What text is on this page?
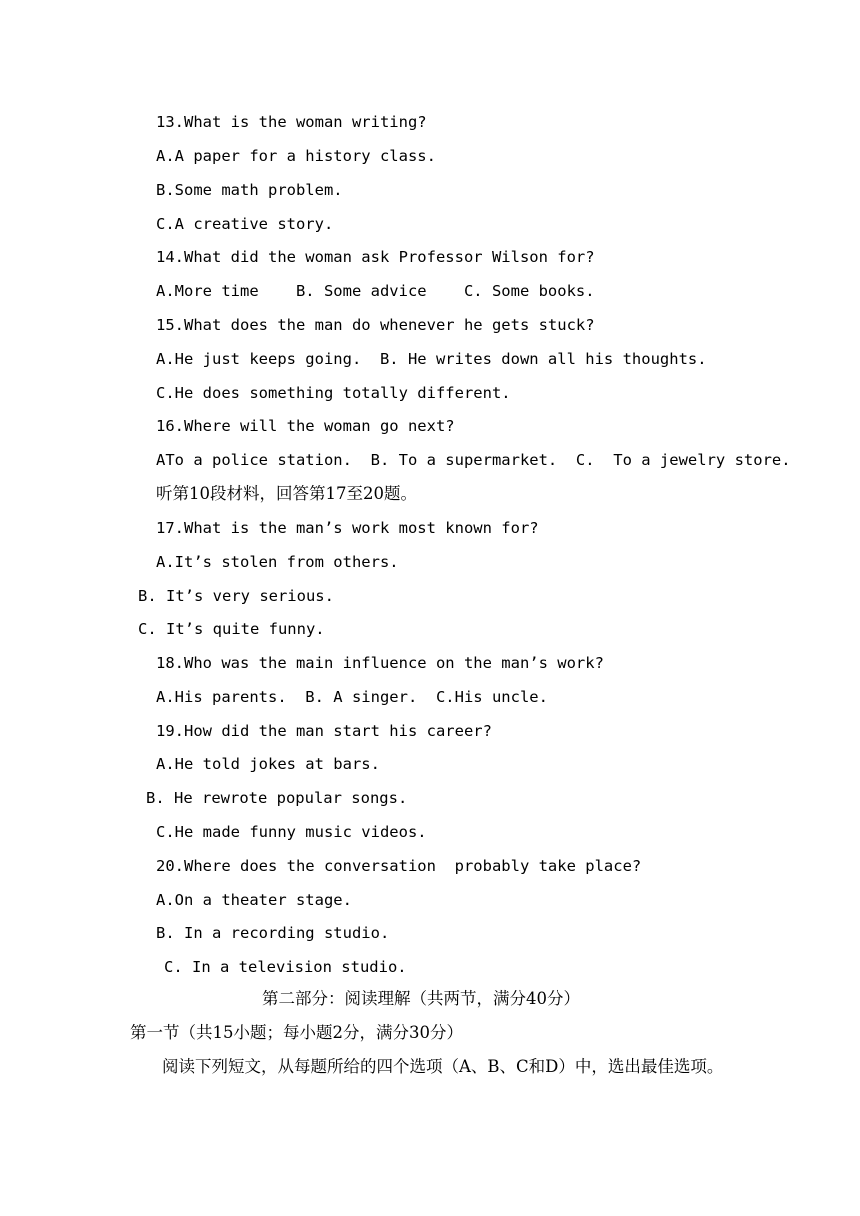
13.What is the woman writing?
A.A paper for a history class.
B.Some math problem.
C.A creative story.
14.What did the woman ask Professor Wilson for?
A.More time    B. Some advice    C. Some books.
15.What does the man do whenever he gets stuck?
A.He just keeps going.  B. He writes down all his thoughts.
C.He does something totally different.
16.Where will the woman go next?
ATo a police station.  B. To a supermarket.  C.  To a jewelry store.
听第10段材料，回答第17至20题。
17.What is the man’s work most known for?
A.It’s stolen from others.
B. It’s very serious.
C. It’s quite funny.
18.Who was the main influence on the man’s work?
A.His parents.  B. A singer.  C.His uncle.
19.How did the man start his career?
A.He told jokes at bars.
B. He rewrote popular songs.
C.He made funny music videos.
20.Where does the conversation  probably take place?
A.On a theater stage.
B. In a recording studio.
C. In a television studio.
第二部分：阅读理解（共两节，满分40分）
第一节（共15小题；每小题2分，满分30分）
阅读下列短文，从每题所给的四个选项（A、B、C和D）中，选出最佳选项。
